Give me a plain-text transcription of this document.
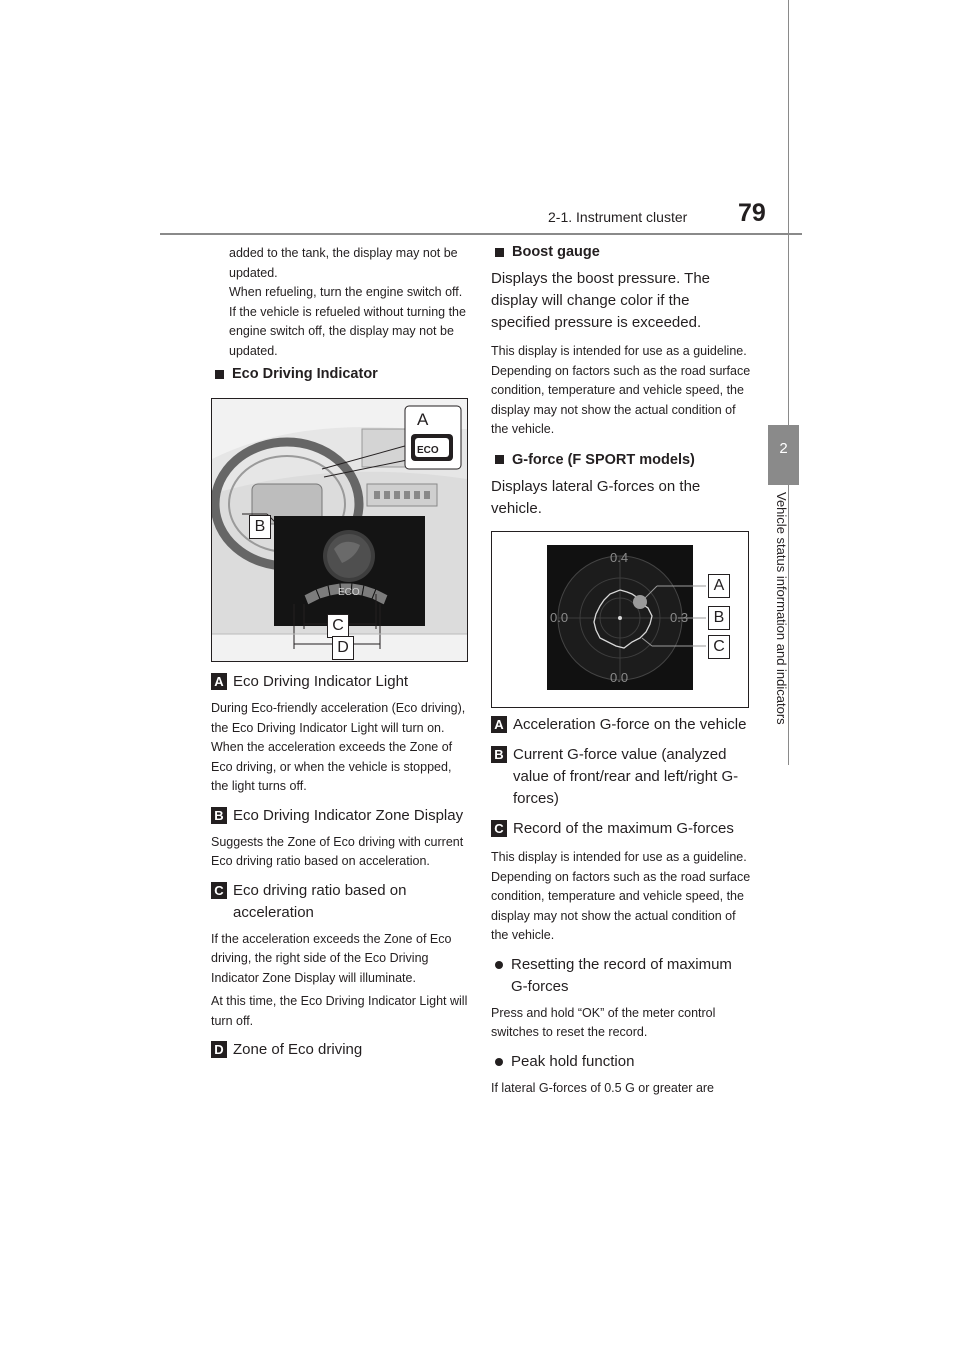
2-1. Instrument cluster 79
2
Vehicle status information and indicators

added to the tank, the display may not be updated.

When refueling, turn the engine switch off. If the vehicle is refueled without turning the engine switch off, the display may not be updated.

Eco Driving Indicator

A
ECO
B
ECO
C
D

A Eco Driving Indicator Light

During Eco-friendly acceleration (Eco driving), the Eco Driving Indicator Light will turn on. When the acceleration exceeds the Zone of Eco driving, or when the vehicle is stopped, the light turns off.

B Eco Driving Indicator Zone Display

Suggests the Zone of Eco driving with current Eco driving ratio based on acceleration.

C Eco driving ratio based on acceleration

If the acceleration exceeds the Zone of Eco driving, the right side of the Eco Driving Indicator Zone Display will illuminate.

At this time, the Eco Driving Indicator Light will turn off.

D Zone of Eco driving

Boost gauge

Displays the boost pressure. The display will change color if the specified pressure is exceeded.

This display is intended for use as a guideline. Depending on factors such as the road surface condition, temperature and vehicle speed, the display may not show the actual condition of the vehicle.

G-force (F SPORT models)

Displays lateral G-forces on the vehicle.

0.4
0.0	0.3
0.0
A
B
C

A Acceleration G-force on the vehicle

B Current G-force value (analyzed value of front/rear and left/right G-forces)

C Record of the maximum G-forces

This display is intended for use as a guideline. Depending on factors such as the road surface condition, temperature and vehicle speed, the display may not show the actual condition of the vehicle.

Resetting the record of maximum G-forces

Press and hold “OK” of the meter control switches to reset the record.

Peak hold function

If lateral G-forces of 0.5 G or greater are
